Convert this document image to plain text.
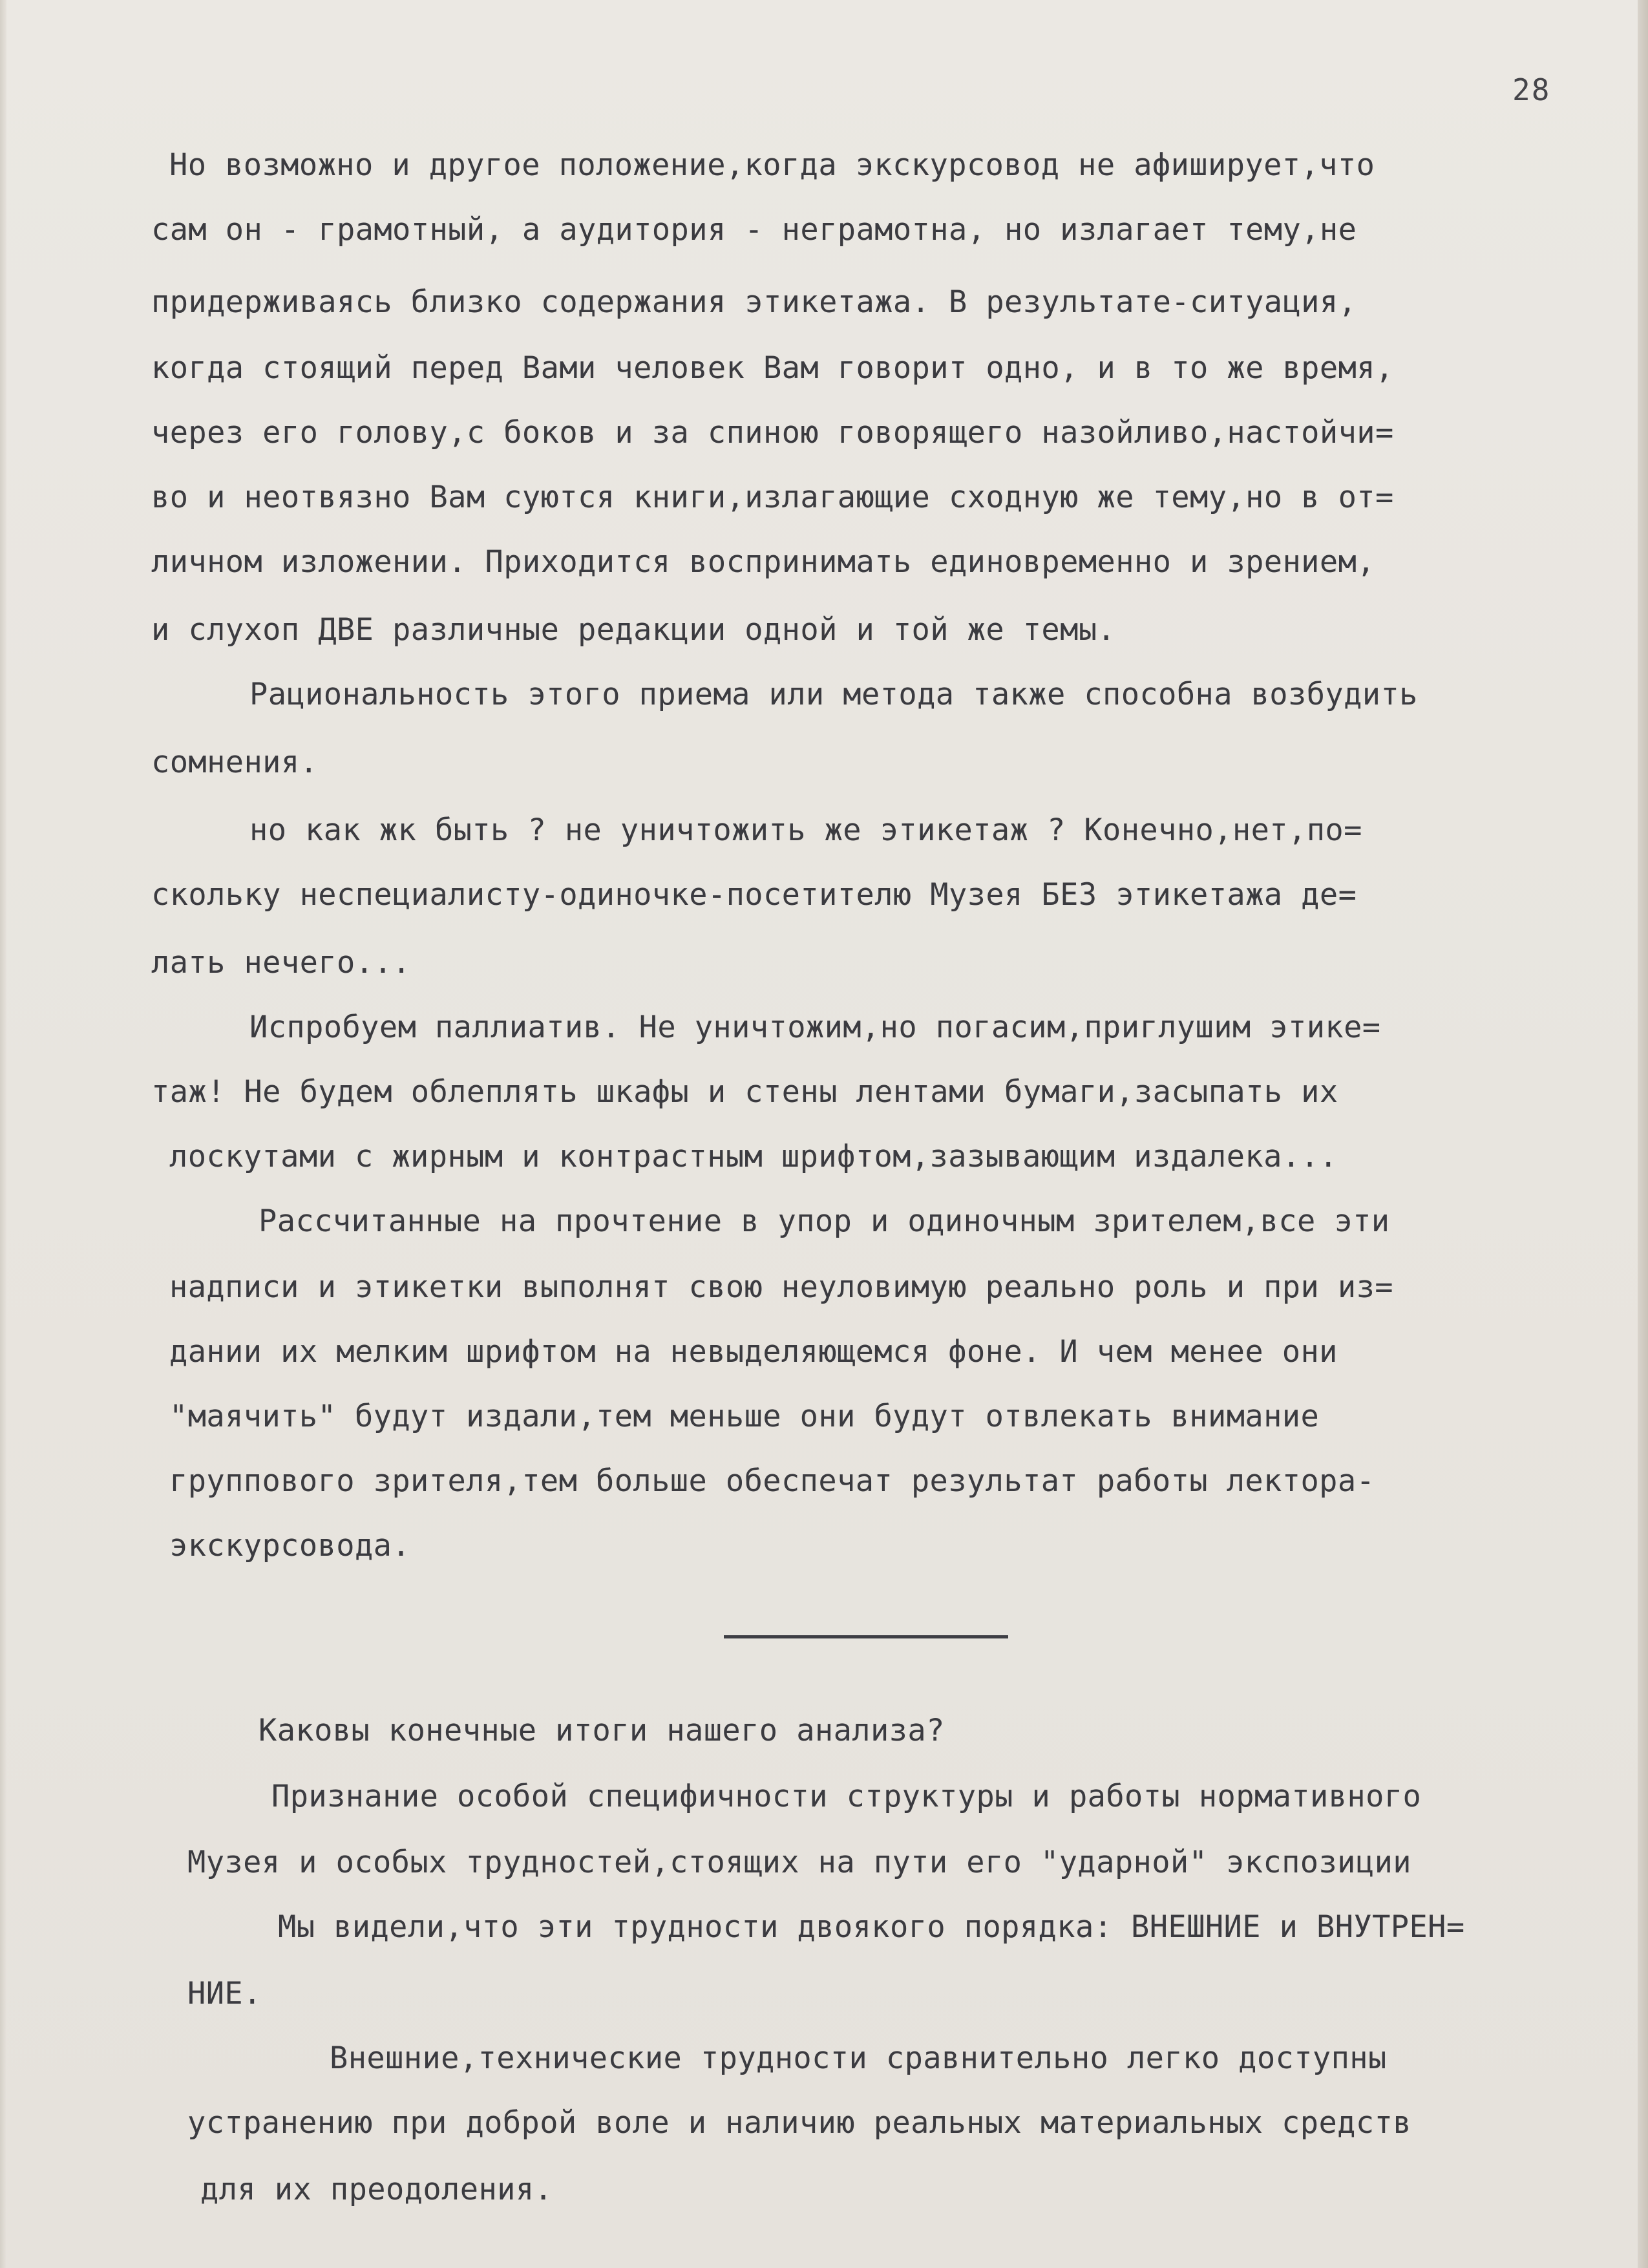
28
Но возможно и другое положение,когда экскурсовод не афиширует,что
сам он - грамотный, а аудитория - неграмотна, но излагает тему,не
придерживаясь близко содержания этикетажа. В результате-ситуация,
когда стоящий перед Вами человек Вам говорит одно, и в то же время,
через его голову,с боков и за спиною говорящего назойливо,настойчи=
во и неотвязно Вам суются книги,излагающие сходную же тему,но в от=
личном изложении. Приходится воспринимать единовременно и зрением,
и слухоп ДВЕ различные редакции одной и той же темы.
Рациональность этого приема или метода также способна возбудить
сомнения.
но как жк быть ? не уничтожить же этикетаж ? Конечно,нет,по=
скольку неспециалисту-одиночке-посетителю Музея БЕЗ этикетажа де=
лать нечего...
Испробуем паллиатив. Не уничтожим,но погасим,приглушим этике=
таж! Не будем облеплять шкафы и стены лентами бумаги,засыпать их
лоскутами с жирным и контрастным шрифтом,зазывающим издалека...
Рассчитанные на прочтение в упор и одиночным зрителем,все эти
надписи и этикетки выполнят свою неуловимую реально роль и при из=
дании их мелким шрифтом на невыделяющемся фоне. И чем менее они
"маячить" будут издали,тем меньше они будут отвлекать внимание
группового зрителя,тем больше обеспечат результат работы лектора-
экскурсовода.
Каковы конечные итоги нашего анализа?
Признание особой специфичности структуры и работы нормативного
Музея и особых трудностей,стоящих на пути его "ударной" экспозиции
Мы видели,что эти трудности двоякого порядка: ВНЕШНИЕ и ВНУТРЕН=
НИЕ.
Внешние,технические трудности сравнительно легко доступны
устранению при доброй воле и наличию реальных материальных средств
для их преодоления.
